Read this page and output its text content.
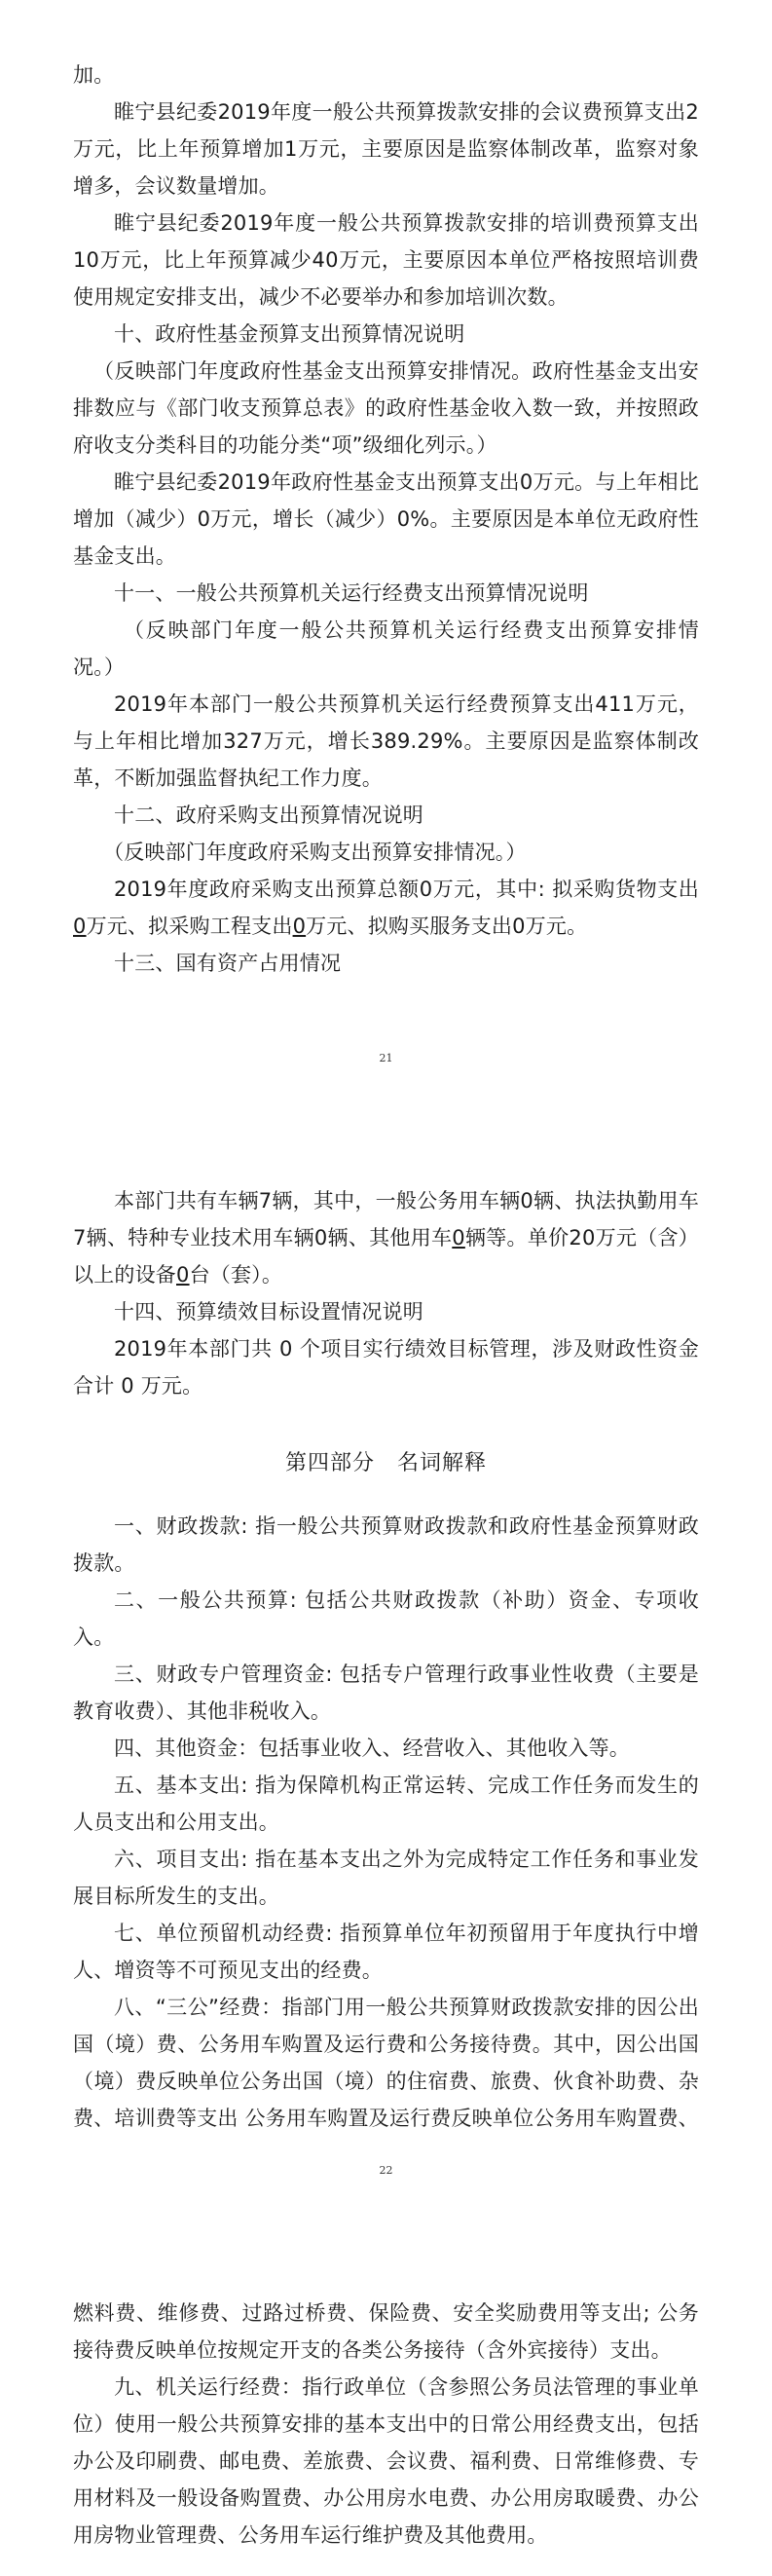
加。

睢宁县纪委2019年度一般公共预算拨款安排的会议费预算支出2万元，比上年预算增加1万元，主要原因是监察体制改革，监察对象增多，会议数量增加。

睢宁县纪委2019年度一般公共预算拨款安排的培训费预算支出10万元，比上年预算减少40万元，主要原因本单位严格按照培训费使用规定安排支出，减少不必要举办和参加培训次数。

十、政府性基金预算支出预算情况说明

（反映部门年度政府性基金支出预算安排情况。政府性基金支出安排数应与《部门收支预算总表》的政府性基金收入数一致，并按照政府收支分类科目的功能分类“项”级细化列示。）

睢宁县纪委2019年政府性基金支出预算支出0万元。与上年相比增加（减少）0万元，增长（减少）0%。主要原因是本单位无政府性基金支出。

十一、一般公共预算机关运行经费支出预算情况说明

（反映部门年度一般公共预算机关运行经费支出预算安排情况。）

2019年本部门一般公共预算机关运行经费预算支出411万元，与上年相比增加327万元，增长389.29%。主要原因是监察体制改革，不断加强监督执纪工作力度。

十二、政府采购支出预算情况说明

（反映部门年度政府采购支出预算安排情况。）

2019年度政府采购支出预算总额0万元，其中: 拟采购货物支出0万元、拟采购工程支出0万元、拟购买服务支出0万元。

十三、国有资产占用情况

21

本部门共有车辆7辆，其中，一般公务用车辆0辆、执法执勤用车7辆、特种专业技术用车辆0辆、其他用车0辆等。单价20万元（含）以上的设备0台（套）。

十四、预算绩效目标设置情况说明

2019年本部门共 0 个项目实行绩效目标管理，涉及财政性资金合计 0 万元。

第四部分　名词解释

一、财政拨款: 指一般公共预算财政拨款和政府性基金预算财政拨款。

二、一般公共预算: 包括公共财政拨款（补助）资金、专项收入。

三、财政专户管理资金: 包括专户管理行政事业性收费（主要是教育收费）、其他非税收入。

四、其他资金：包括事业收入、经营收入、其他收入等。

五、基本支出: 指为保障机构正常运转、完成工作任务而发生的人员支出和公用支出。

六、项目支出: 指在基本支出之外为完成特定工作任务和事业发展目标所发生的支出。

七、单位预留机动经费: 指预算单位年初预留用于年度执行中增人、增资等不可预见支出的经费。

八、“三公”经费：指部门用一般公共预算财政拨款安排的因公出国（境）费、公务用车购置及运行费和公务接待费。其中，因公出国（境）费反映单位公务出国（境）的住宿费、旅费、伙食补助费、杂费、培训费等支出 公务用车购置及运行费反映单位公务用车购置费、

22

燃料费、维修费、过路过桥费、保险费、安全奖励费用等支出; 公务接待费反映单位按规定开支的各类公务接待（含外宾接待）支出。

九、机关运行经费：指行政单位（含参照公务员法管理的事业单位）使用一般公共预算安排的基本支出中的日常公用经费支出，包括办公及印刷费、邮电费、差旅费、会议费、福利费、日常维修费、专用材料及一般设备购置费、办公用房水电费、办公用房取暖费、办公用房物业管理费、公务用车运行维护费及其他费用。
